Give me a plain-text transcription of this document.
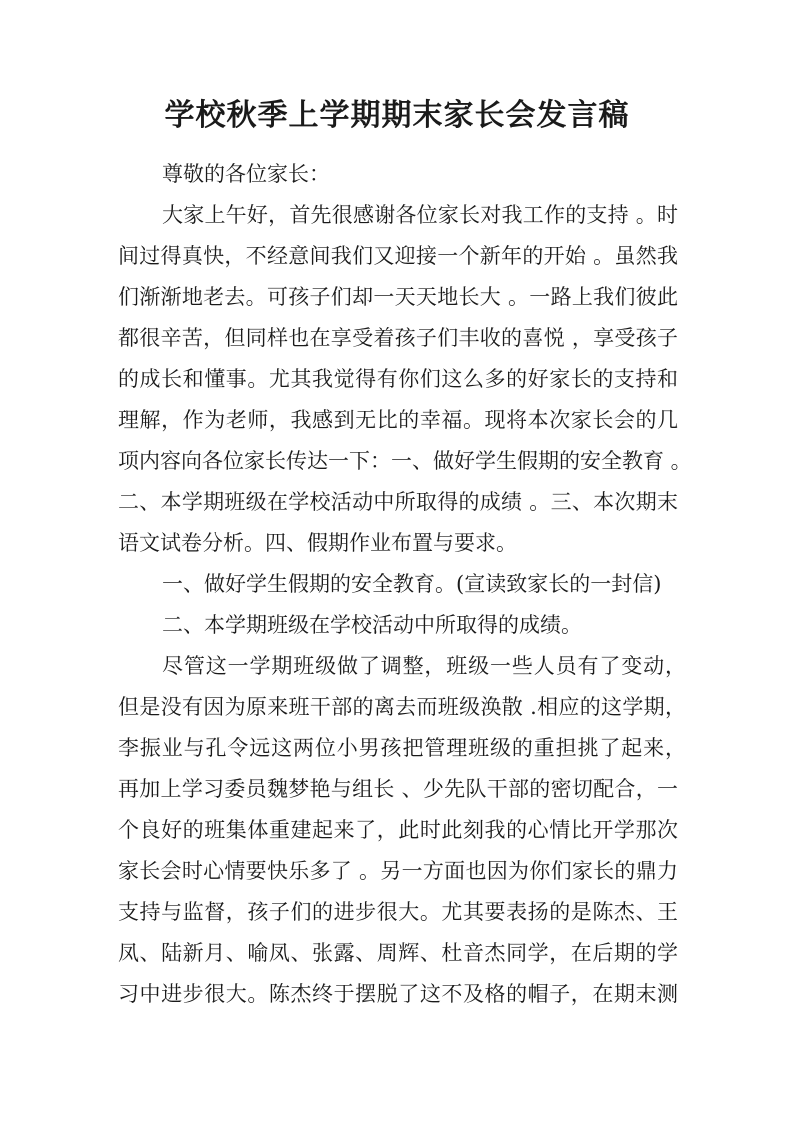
学校秋季上学期期末家长会发言稿
尊敬的各位家长：
大家上午好，首先很感谢各位家长对我工作的支持 。时
间过得真快，不经意间我们又迎接一个新年的开始 。虽然我
们渐渐地老去。可孩子们却一天天地长大 。一路上我们彼此
都很辛苦，但同样也在享受着孩子们丰收的喜悦 ，享受孩子
的成长和懂事。尤其我觉得有你们这么多的好家长的支持和
理解，作为老师，我感到无比的幸福。现将本次家长会的几
项内容向各位家长传达一下：一、做好学生假期的安全教育 。
二、本学期班级在学校活动中所取得的成绩 。三、本次期末
语文试卷分析。四、假期作业布置与要求。
一、做好学生假期的安全教育。(宣读致家长的一封信)
二、本学期班级在学校活动中所取得的成绩。
尽管这一学期班级做了调整，班级一些人员有了变动，
但是没有因为原来班干部的离去而班级涣散 .相应的这学期，
李振业与孔令远这两位小男孩把管理班级的重担挑了起来，
再加上学习委员魏梦艳与组长 、少先队干部的密切配合，一
个良好的班集体重建起来了，此时此刻我的心情比开学那次
家长会时心情要快乐多了 。另一方面也因为你们家长的鼎力
支持与监督，孩子们的进步很大。尤其要表扬的是陈杰、王
凤、陆新月、喻凤、张露、周辉、杜音杰同学，在后期的学
习中进步很大。陈杰终于摆脱了这不及格的帽子，在期末测
